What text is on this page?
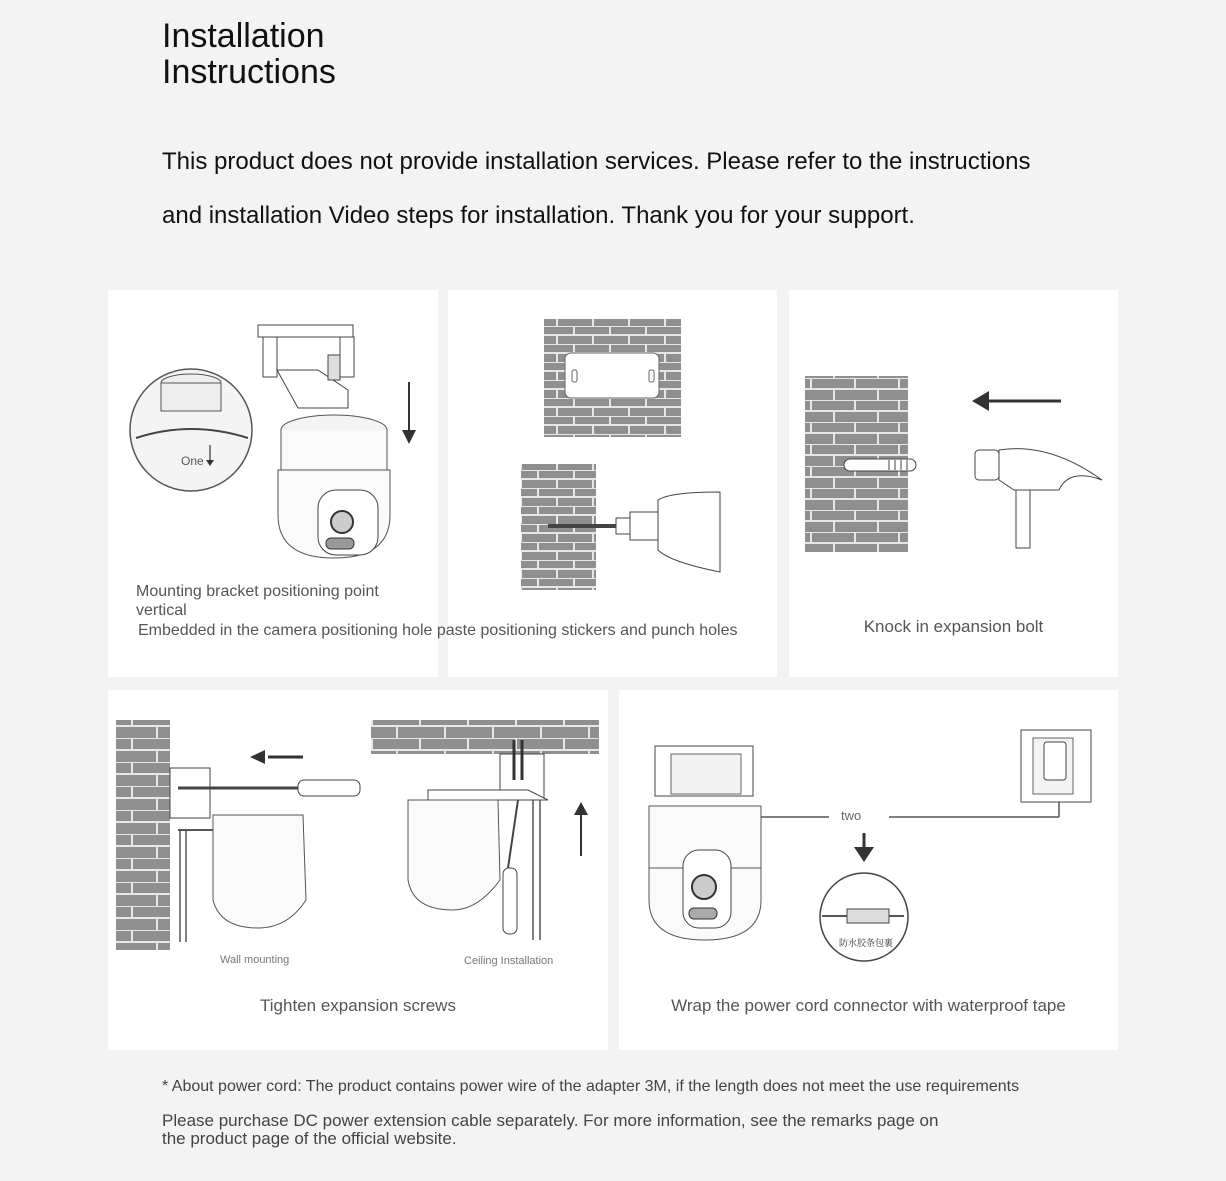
Installation Instructions

This product does not provide installation services. Please refer to the instructions and installation Video steps for installation. Thank you for your support.

One
Mounting bracket positioning point vertical
Knock in expansion bolt
Wall mounting	Ceiling Installation
Tighten expansion screws
two
防水胶条包裹
Wrap the power cord connector with waterproof tape
Embedded in the camera positioning hole paste positioning stickers and punch holes

* About power cord: The product contains power wire of the adapter 3M, if the length does not meet the use requirements

Please purchase DC power extension cable separately. For more information, see the remarks page on the product page of the official website.
